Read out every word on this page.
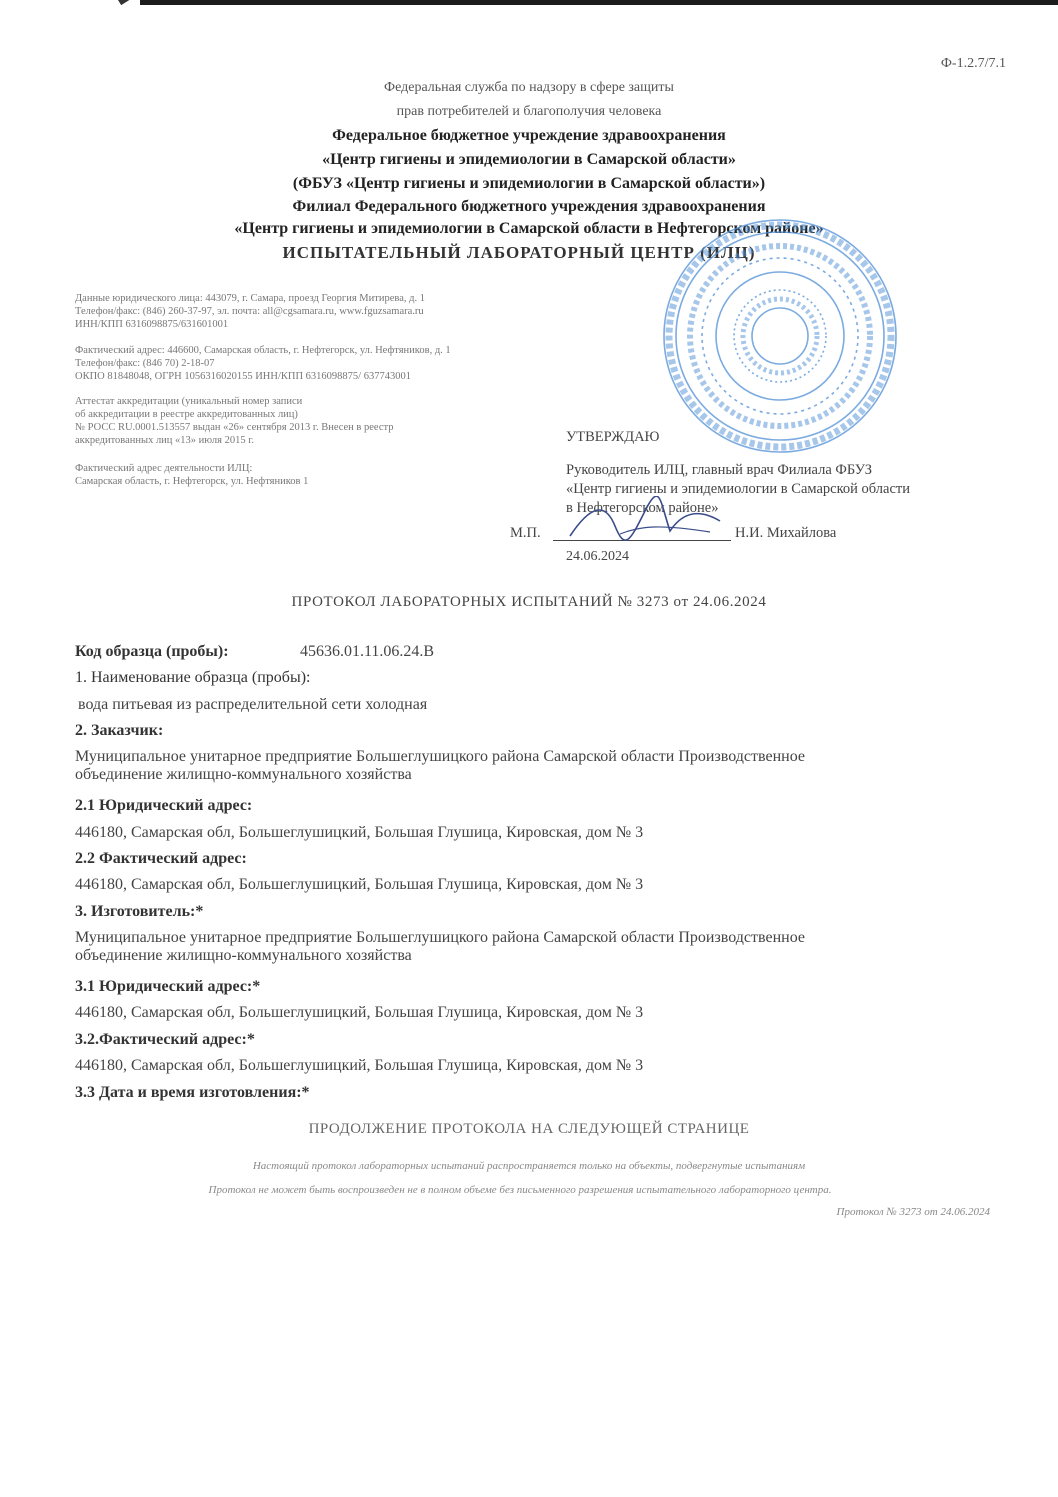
Ф-1.2.7/7.1
Федеральная служба по надзору в сфере защиты
прав потребителей и благополучия человека
Федеральное бюджетное учреждение здравоохранения
«Центр гигиены и эпидемиологии в Самарской области»
(ФБУЗ «Центр гигиены и эпидемиологии в Самарской области»)
Филиал Федерального бюджетного учреждения здравоохранения
«Центр гигиены и эпидемиологии в Самарской области в Нефтегорском районе»
ИСПЫТАТЕЛЬНЫЙ ЛАБОРАТОРНЫЙ ЦЕНТР (ИЛЦ)
Данные юридического лица: 443079, г. Самара, проезд Георгия Митирева, д. 1
Телефон/факс: (846) 260-37-97, эл. почта: all@cgsamara.ru, www.fguzsamara.ru
ИНН/КПП 6316098875/631601001
Фактический адрес: 446600, Самарская область, г. Нефтегорск, ул. Нефтяников, д. 1
Телефон/факс: (846 70) 2-18-07
ОКПО 81848048, ОГРН 1056316020155 ИНН/КПП 6316098875/ 637743001
Аттестат аккредитации (уникальный номер записи
об аккредитации в реестре аккредитованных лиц)
№ РОСС RU.0001.513557 выдан «26» сентября 2013 г. Внесен в реестр
аккредитованных лиц «13» июля 2015 г.
Фактический адрес деятельности ИЛЦ:
Самарская область, г. Нефтегорск, ул. Нефтяников 1
УТВЕРЖДАЮ
Руководитель ИЛЦ, главный врач Филиала ФБУЗ
«Центр гигиены и эпидемиологии в Самарской области
в Нефтегорском районе»
М.П.	Н.И. Михайлова
24.06.2024
ПРОТОКОЛ ЛАБОРАТОРНЫХ ИСПЫТАНИЙ № 3273 от 24.06.2024
Код образца (пробы):	45636.01.11.06.24.В
1. Наименование образца (пробы):
вода питьевая из распределительной сети холодная
2. Заказчик:
Муниципальное унитарное предприятие Большеглушицкого района Самарской области Производственное
объединение жилищно-коммунального хозяйства
2.1 Юридический адрес:
446180, Самарская обл, Большеглушицкий, Большая Глушица, Кировская, дом № 3
2.2 Фактический адрес:
446180, Самарская обл, Большеглушицкий, Большая Глушица, Кировская, дом № 3
3. Изготовитель:*
Муниципальное унитарное предприятие Большеглушицкого района Самарской области Производственное
объединение жилищно-коммунального хозяйства
3.1 Юридический адрес:*
446180, Самарская обл, Большеглушицкий, Большая Глушица, Кировская, дом № 3
3.2.Фактический адрес:*
446180, Самарская обл, Большеглушицкий, Большая Глушица, Кировская, дом № 3
3.3 Дата и время изготовления:*
ПРОДОЛЖЕНИЕ ПРОТОКОЛА НА СЛЕДУЮЩЕЙ СТРАНИЦЕ
Настоящий протокол лабораторных испытаний распространяется только на объекты, подвергнутые испытаниям
Протокол не может быть воспроизведен не в полном объеме без письменного разрешения испытательного лабораторного центра.
Протокол № 3273 от 24.06.2024
